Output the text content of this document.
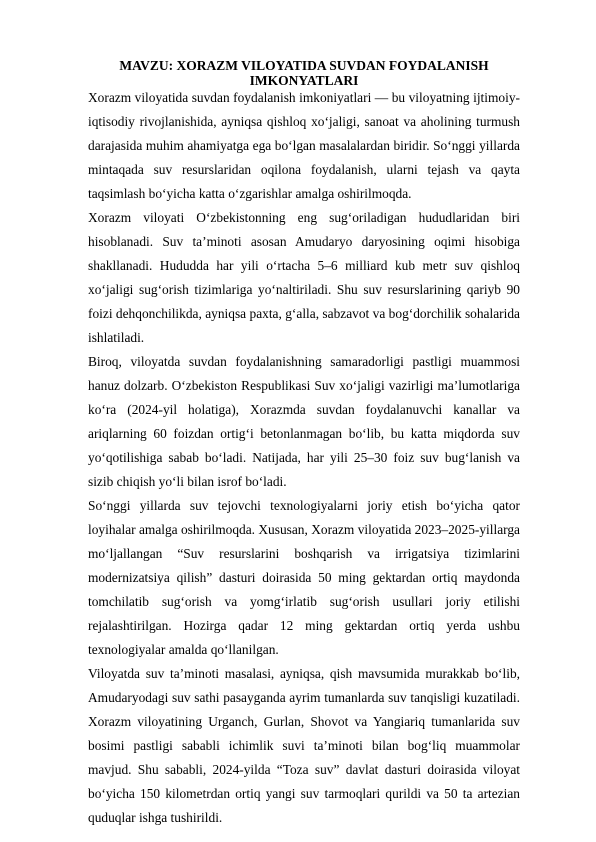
MAVZU: XORAZM VILOYATIDA SUVDAN FOYDALANISH IMKONYATLARI

Xorazm viloyatida suvdan foydalanish imkoniyatlari — bu viloyatning ijtimoiy-iqtisodiy rivojlanishida, ayniqsa qishloq xo‘jaligi, sanoat va aholining turmush darajasida muhim ahamiyatga ega bo‘lgan masalalardan biridir. So‘nggi yillarda mintaqada suv resurslaridan oqilona foydalanish, ularni tejash va qayta taqsimlash bo‘yicha katta o‘zgarishlar amalga oshirilmoqda.

Xorazm viloyati O‘zbekistonning eng sug‘oriladigan hududlaridan biri hisoblanadi. Suv ta’minoti asosan Amudaryo daryosining oqimi hisobiga shakllanadi. Hududda har yili o‘rtacha 5–6 milliard kub metr suv qishloq xo‘jaligi sug‘orish tizimlariga yo‘naltiriladi. Shu suv resurslarining qariyb 90 foizi dehqonchilikda, ayniqsa paxta, g‘alla, sabzavot va bog‘dorchilik sohalarida ishlatiladi.

Biroq, viloyatda suvdan foydalanishning samaradorligi pastligi muammosi hanuz dolzarb. O‘zbekiston Respublikasi Suv xo‘jaligi vazirligi ma’lumotlariga ko‘ra (2024-yil holatiga), Xorazmda suvdan foydalanuvchi kanallar va ariqlarning 60 foizdan ortig‘i betonlanmagan bo‘lib, bu katta miqdorda suv yo‘qotilishiga sabab bo‘ladi. Natijada, har yili 25–30 foiz suv bug‘lanish va sizib chiqish yo‘li bilan isrof bo‘ladi.

So‘nggi yillarda suv tejovchi texnologiyalarni joriy etish bo‘yicha qator loyihalar amalga oshirilmoqda. Xususan, Xorazm viloyatida 2023–2025-yillarga mo‘ljallangan “Suv resurslarini boshqarish va irrigatsiya tizimlarini modernizatsiya qilish” dasturi doirasida 50 ming gektardan ortiq maydonda tomchilatib sug‘orish va yomg‘irlatib sug‘orish usullari joriy etilishi rejalashtirilgan. Hozirga qadar 12 ming gektardan ortiq yerda ushbu texnologiyalar amalda qo‘llanilgan.

Viloyatda suv ta’minoti masalasi, ayniqsa, qish mavsumida murakkab bo‘lib, Amudaryodagi suv sathi pasayganda ayrim tumanlarda suv tanqisligi kuzatiladi. Xorazm viloyatining Urganch, Gurlan, Shovot va Yangiariq tumanlarida suv bosimi pastligi sababli ichimlik suvi ta’minoti bilan bog‘liq muammolar mavjud. Shu sababli, 2024-yilda “Toza suv” davlat dasturi doirasida viloyat bo‘yicha 150 kilometrdan ortiq yangi suv tarmoqlari qurildi va 50 ta artezian quduqlar ishga tushirildi.
